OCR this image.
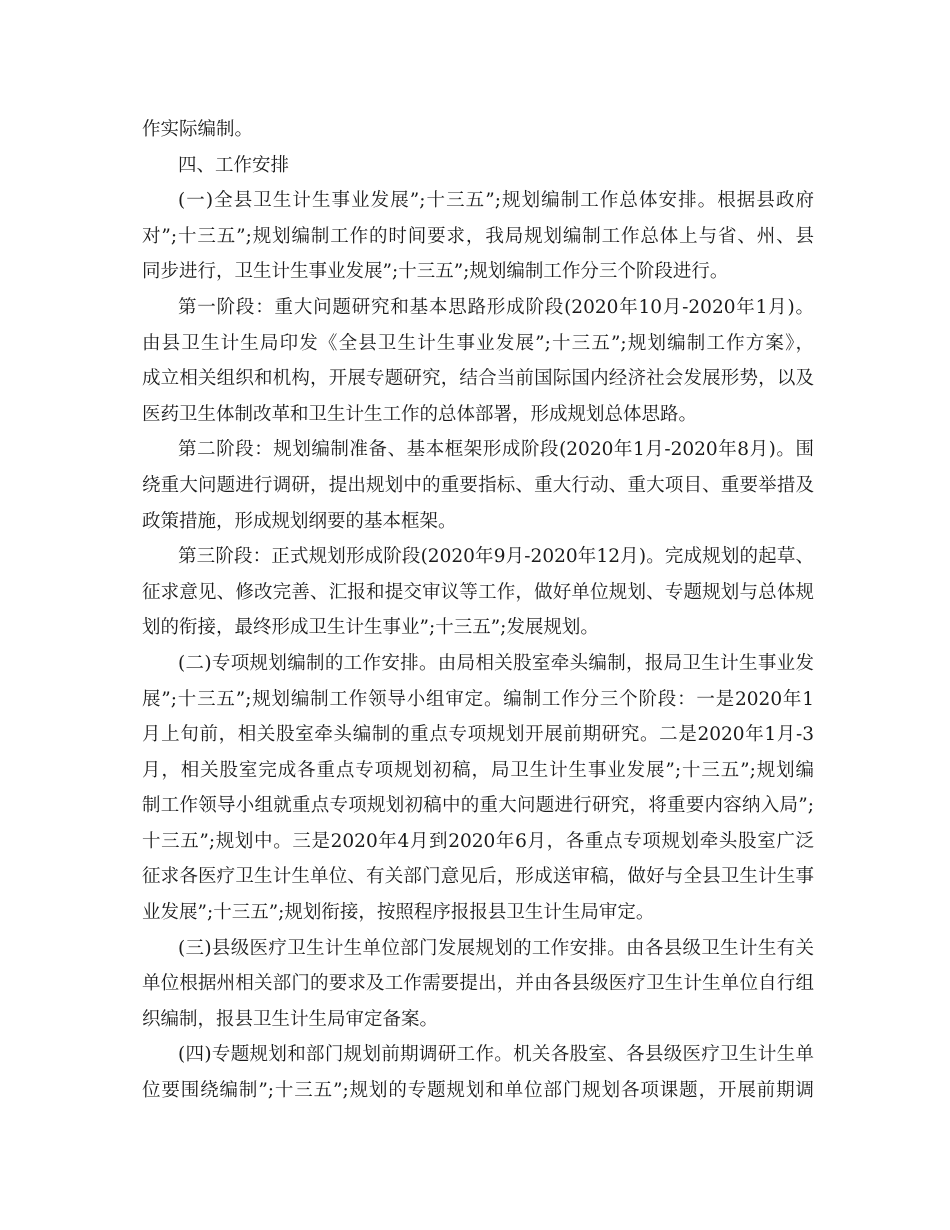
作实际编制。
四、工作安排
(一)全县卫生计生事业发展”;十三五”;规划编制工作总体安排。根据县政府
对”;十三五”;规划编制工作的时间要求，我局规划编制工作总体上与省、州、县
同步进行，卫生计生事业发展”;十三五”;规划编制工作分三个阶段进行。
第一阶段：重大问题研究和基本思路形成阶段(2020年10月-2020年1月)。
由县卫生计生局印发《全县卫生计生事业发展”;十三五”;规划编制工作方案》，
成立相关组织和机构，开展专题研究，结合当前国际国内经济社会发展形势，以及
医药卫生体制改革和卫生计生工作的总体部署，形成规划总体思路。
第二阶段：规划编制准备、基本框架形成阶段(2020年1月-2020年8月)。围
绕重大问题进行调研，提出规划中的重要指标、重大行动、重大项目、重要举措及
政策措施，形成规划纲要的基本框架。
第三阶段：正式规划形成阶段(2020年9月-2020年12月)。完成规划的起草、
征求意见、修改完善、汇报和提交审议等工作，做好单位规划、专题规划与总体规
划的衔接，最终形成卫生计生事业”;十三五”;发展规划。
(二)专项规划编制的工作安排。由局相关股室牵头编制，报局卫生计生事业发
展”;十三五”;规划编制工作领导小组审定。编制工作分三个阶段：一是2020年1
月上旬前，相关股室牵头编制的重点专项规划开展前期研究。二是2020年1月-3
月，相关股室完成各重点专项规划初稿，局卫生计生事业发展”;十三五”;规划编
制工作领导小组就重点专项规划初稿中的重大问题进行研究，将重要内容纳入局”;
十三五”;规划中。三是2020年4月到2020年6月，各重点专项规划牵头股室广泛
征求各医疗卫生计生单位、有关部门意见后，形成送审稿，做好与全县卫生计生事
业发展”;十三五”;规划衔接，按照程序报报县卫生计生局审定。
(三)县级医疗卫生计生单位部门发展规划的工作安排。由各县级卫生计生有关
单位根据州相关部门的要求及工作需要提出，并由各县级医疗卫生计生单位自行组
织编制，报县卫生计生局审定备案。
(四)专题规划和部门规划前期调研工作。机关各股室、各县级医疗卫生计生单
位要围绕编制”;十三五”;规划的专题规划和单位部门规划各项课题，开展前期调
